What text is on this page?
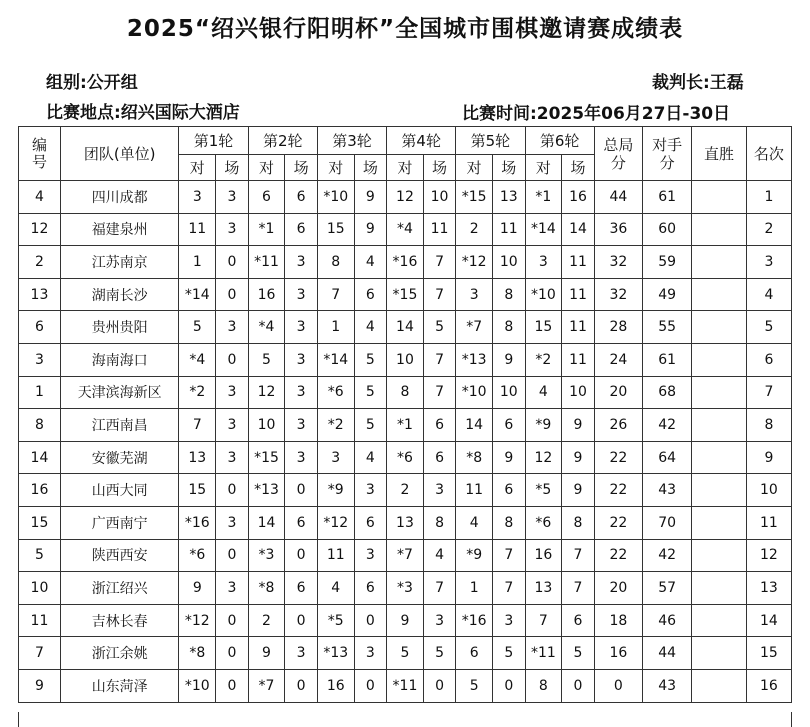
2025“绍兴银行阳明杯”全国城市围棋邀请赛成绩表
组别:公开组	裁判长:王磊
比赛地点:绍兴国际大酒店	比赛时间:2025年06月27日-30日
编
号	团队(单位)	第1轮		第2轮		第3轮		第4轮		第5轮		第6轮		总局
分	对手
分	直胜	名次
		对	场	对	场	对	场	对	场	对	场	对	场				
4	四川成都	3	3	6	6	*10	9	12	10	*15	13	*1	16	44	61		1
12	福建泉州	11	3	*1	6	15	9	*4	11	2	11	*14	14	36	60		2
2	江苏南京	1	0	*11	3	8	4	*16	7	*12	10	3	11	32	59		3
13	湖南长沙	*14	0	16	3	7	6	*15	7	3	8	*10	11	32	49		4
6	贵州贵阳	5	3	*4	3	1	4	14	5	*7	8	15	11	28	55		5
3	海南海口	*4	0	5	3	*14	5	10	7	*13	9	*2	11	24	61		6
1	天津滨海新区	*2	3	12	3	*6	5	8	7	*10	10	4	10	20	68		7
8	江西南昌	7	3	10	3	*2	5	*1	6	14	6	*9	9	26	42		8
14	安徽芜湖	13	3	*15	3	3	4	*6	6	*8	9	12	9	22	64		9
16	山西大同	15	0	*13	0	*9	3	2	3	11	6	*5	9	22	43		10
15	广西南宁	*16	3	14	6	*12	6	13	8	4	8	*6	8	22	70		11
5	陕西西安	*6	0	*3	0	11	3	*7	4	*9	7	16	7	22	42		12
10	浙江绍兴	9	3	*8	6	4	6	*3	7	1	7	13	7	20	57		13
11	吉林长春	*12	0	2	0	*5	0	9	3	*16	3	7	6	18	46		14
7	浙江余姚	*8	0	9	3	*13	3	5	5	6	5	*11	5	16	44		15
9	山东菏泽	*10	0	*7	0	16	0	*11	0	5	0	8	0	0	43		16
